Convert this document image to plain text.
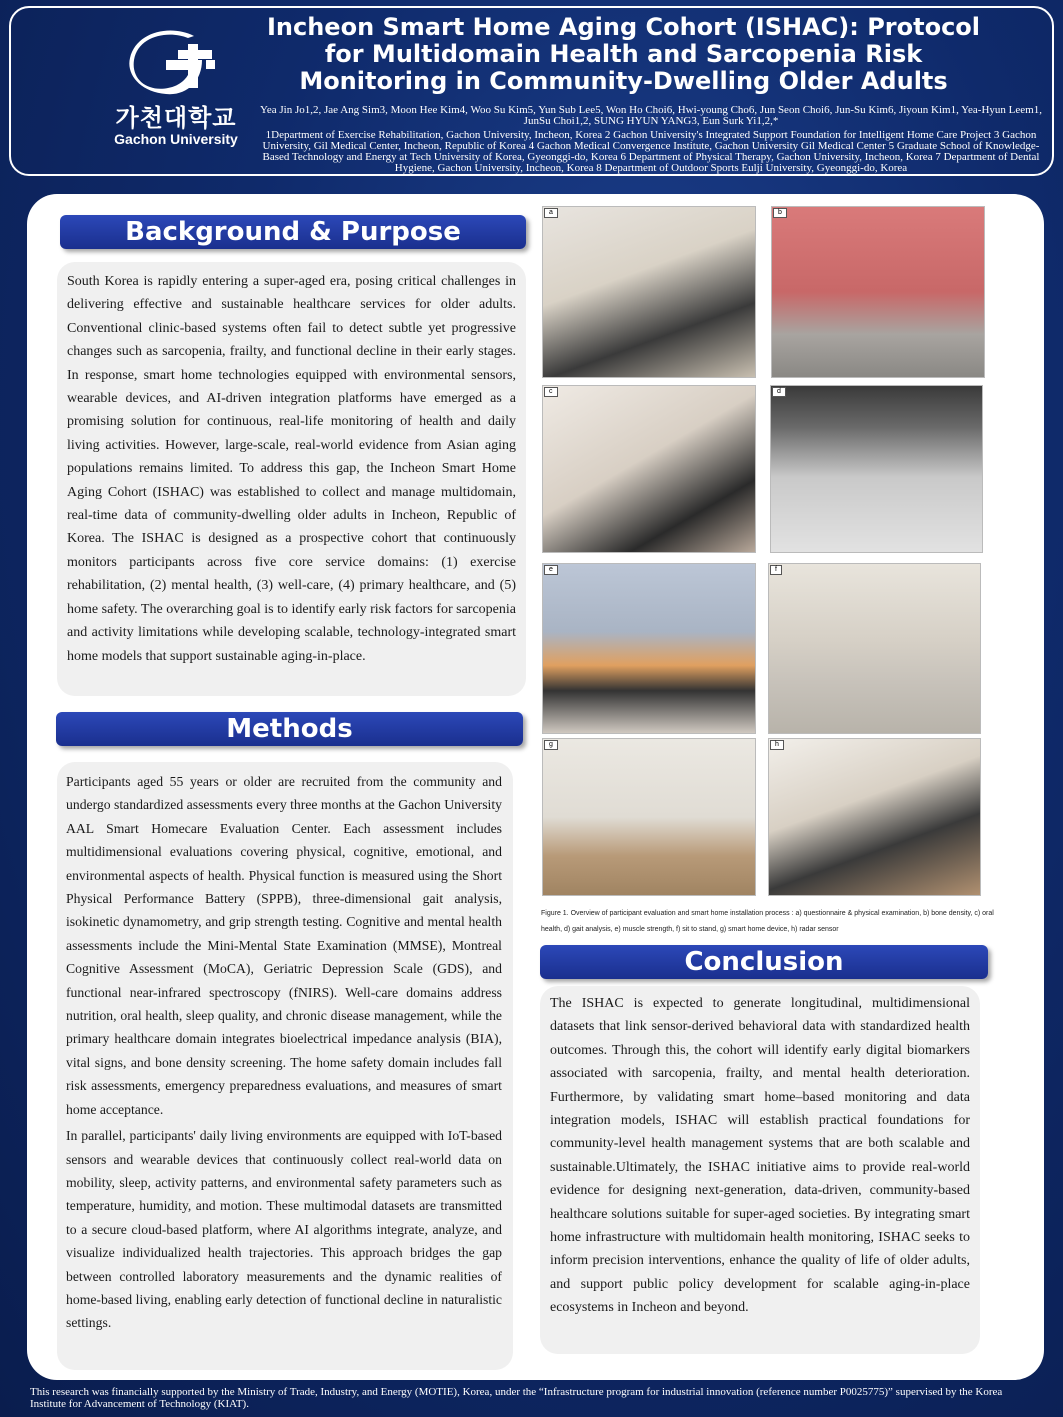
가천대학교
Gachon University
Incheon Smart Home Aging Cohort (ISHAC): Protocol for Multidomain Health and Sarcopenia Risk Monitoring in Community-Dwelling Older Adults
Yea Jin Jo1,2, Jae Ang Sim3, Moon Hee Kim4, Woo Su Kim5, Yun Sub Lee5, Won Ho Choi6, Hwi-young Cho6, Jun Seon Choi6, Jun-Su Kim6, Jiyoun Kim1, Yea-Hyun Leem1, JunSu Choi1,2, SUNG HYUN YANG3, Eun Surk Yi1,2,*
1Department of Exercise Rehabilitation, Gachon University, Incheon, Korea 2 Gachon University's Integrated Support Foundation for Intelligent Home Care Project 3 Gachon University, Gil Medical Center, Incheon, Republic of Korea 4 Gachon Medical Convergence Institute, Gachon University Gil Medical Center 5 Graduate School of Knowledge-Based Technology and Energy at Tech University of Korea, Gyeonggi-do, Korea 6 Department of Physical Therapy, Gachon University, Incheon, Korea 7 Department of Dental Hygiene, Gachon University, Incheon, Korea 8 Department of Outdoor Sports Eulji University, Gyeonggi-do, Korea
Background & Purpose

South Korea is rapidly entering a super-aged era, posing critical challenges in delivering effective and sustainable healthcare services for older adults. Conventional clinic-based systems often fail to detect subtle yet progressive changes such as sarcopenia, frailty, and functional decline in their early stages. In response, smart home technologies equipped with environmental sensors, wearable devices, and AI-driven integration platforms have emerged as a promising solution for continuous, real-life monitoring of health and daily living activities. However, large-scale, real-world evidence from Asian aging populations remains limited. To address this gap, the Incheon Smart Home Aging Cohort (ISHAC) was established to collect and manage multidomain, real-time data of community-dwelling older adults in Incheon, Republic of Korea. The ISHAC is designed as a prospective cohort that continuously monitors participants across five core service domains: (1) exercise rehabilitation, (2) mental health, (3) well-care, (4) primary healthcare, and (5) home safety. The overarching goal is to identify early risk factors for sarcopenia and activity limitations while developing scalable, technology-integrated smart home models that support sustainable aging-in-place.

Methods

Participants aged 55 years or older are recruited from the community and undergo standardized assessments every three months at the Gachon University AAL Smart Homecare Evaluation Center. Each assessment includes multidimensional evaluations covering physical, cognitive, emotional, and environmental aspects of health. Physical function is measured using the Short Physical Performance Battery (SPPB), three-dimensional gait analysis, isokinetic dynamometry, and grip strength testing. Cognitive and mental health assessments include the Mini-Mental State Examination (MMSE), Montreal Cognitive Assessment (MoCA), Geriatric Depression Scale (GDS), and functional near-infrared spectroscopy (fNIRS). Well-care domains address nutrition, oral health, sleep quality, and chronic disease management, while the primary healthcare domain integrates bioelectrical impedance analysis (BIA), vital signs, and bone density screening. The home safety domain includes fall risk assessments, emergency preparedness evaluations, and measures of smart home acceptance.

In parallel, participants' daily living environments are equipped with IoT-based sensors and wearable devices that continuously collect real-world data on mobility, sleep, activity patterns, and environmental safety parameters such as temperature, humidity, and motion. These multimodal datasets are transmitted to a secure cloud-based platform, where AI algorithms integrate, analyze, and visualize individualized health trajectories. This approach bridges the gap between controlled laboratory measurements and the dynamic realities of home-based living, enabling early detection of functional decline in naturalistic settings.

a	b
c	d
e	f
g	h
Figure 1. Overview of participant evaluation and smart home installation process : a) questionnaire & physical examination, b) bone density, c) oral health, d) gait analysis, e) muscle strength, f) sit to stand, g) smart home device, h) radar sensor
Conclusion

The ISHAC is expected to generate longitudinal, multidimensional datasets that link sensor-derived behavioral data with standardized health outcomes. Through this, the cohort will identify early digital biomarkers associated with sarcopenia, frailty, and mental health deterioration. Furthermore, by validating smart home–based monitoring and data integration models, ISHAC will establish practical foundations for community-level health management systems that are both scalable and sustainable.Ultimately, the ISHAC initiative aims to provide real-world evidence for designing next-generation, data-driven, community-based healthcare solutions suitable for super-aged societies. By integrating smart home infrastructure with multidomain health monitoring, ISHAC seeks to inform precision interventions, enhance the quality of life of older adults, and support public policy development for scalable aging-in-place ecosystems in Incheon and beyond.

This research was financially supported by the Ministry of Trade, Industry, and Energy (MOTIE), Korea, under the “Infrastructure program for industrial innovation (reference number P0025775)” supervised by the Korea Institute for Advancement of Technology (KIAT).
